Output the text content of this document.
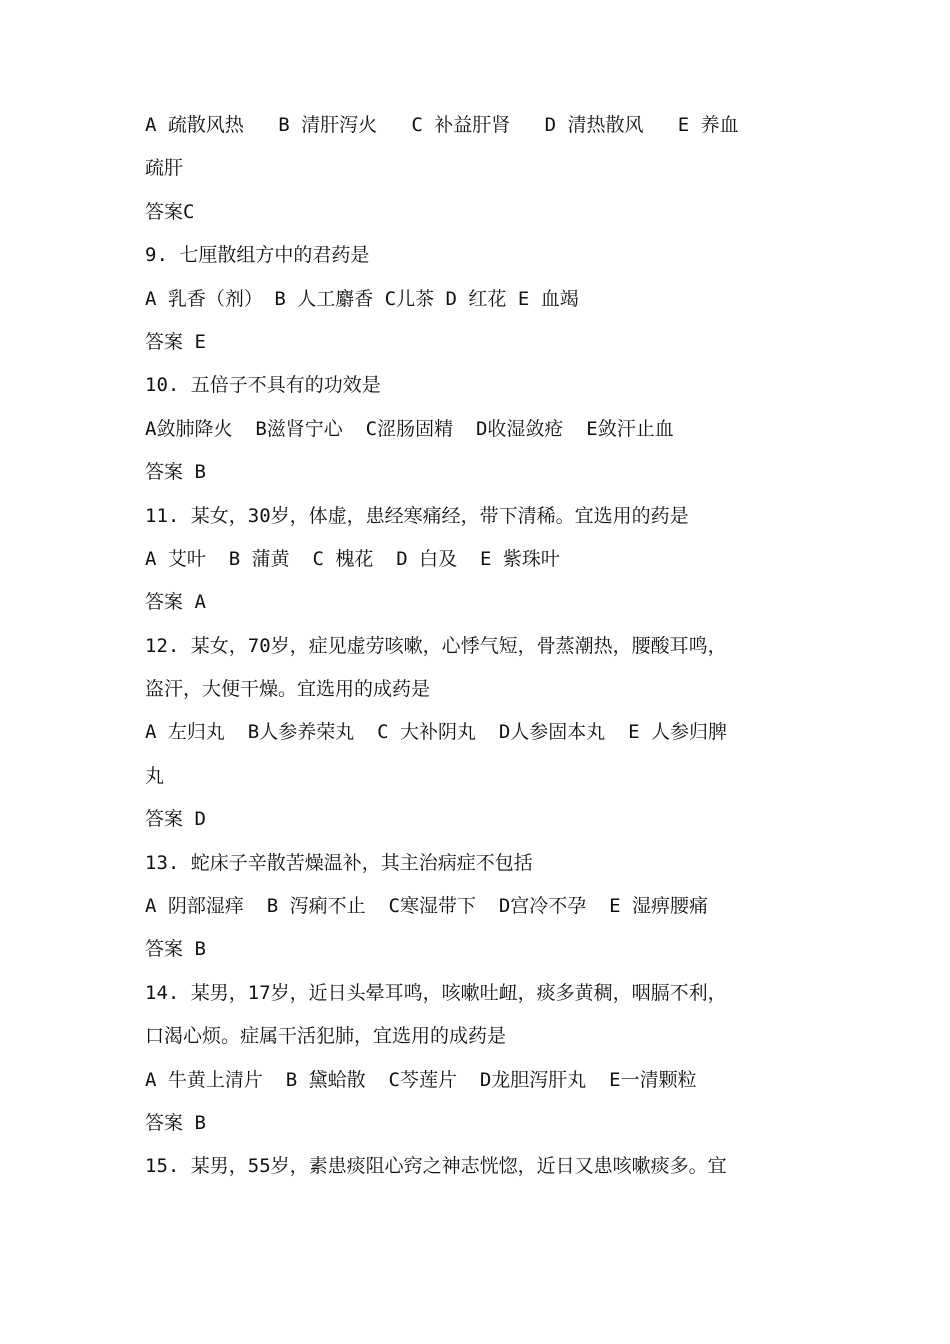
A 疏散风热   B 清肝泻火   C 补益肝肾   D 清热散风   E 养血
疏肝
答案C
9. 七厘散组方中的君药是
A 乳香（剂） B 人工麝香 C儿茶 D 红花 E 血竭
答案 E
10. 五倍子不具有的功效是
A敛肺降火  B滋肾宁心  C涩肠固精  D收湿敛疮  E敛汗止血
答案 B
11. 某女，30岁，体虚，患经寒痛经，带下清稀。宜选用的药是
A 艾叶  B 蒲黄  C 槐花  D 白及  E 紫珠叶
答案 A
12. 某女，70岁，症见虚劳咳嗽，心悸气短，骨蒸潮热，腰酸耳鸣，
盗汗，大便干燥。宜选用的成药是
A 左归丸  B人参养荣丸  C 大补阴丸  D人参固本丸  E 人参归脾
丸
答案 D
13. 蛇床子辛散苦燥温补，其主治病症不包括
A 阴部湿痒  B 泻痢不止  C寒湿带下  D宫冷不孕  E 湿痹腰痛
答案 B
14. 某男，17岁，近日头晕耳鸣，咳嗽吐衄，痰多黄稠，咽膈不利，
口渴心烦。症属干活犯肺，宜选用的成药是
A 牛黄上清片  B 黛蛤散  C芩莲片  D龙胆泻肝丸  E一清颗粒
答案 B
15. 某男，55岁，素患痰阻心窍之神志恍惚，近日又患咳嗽痰多。宜
